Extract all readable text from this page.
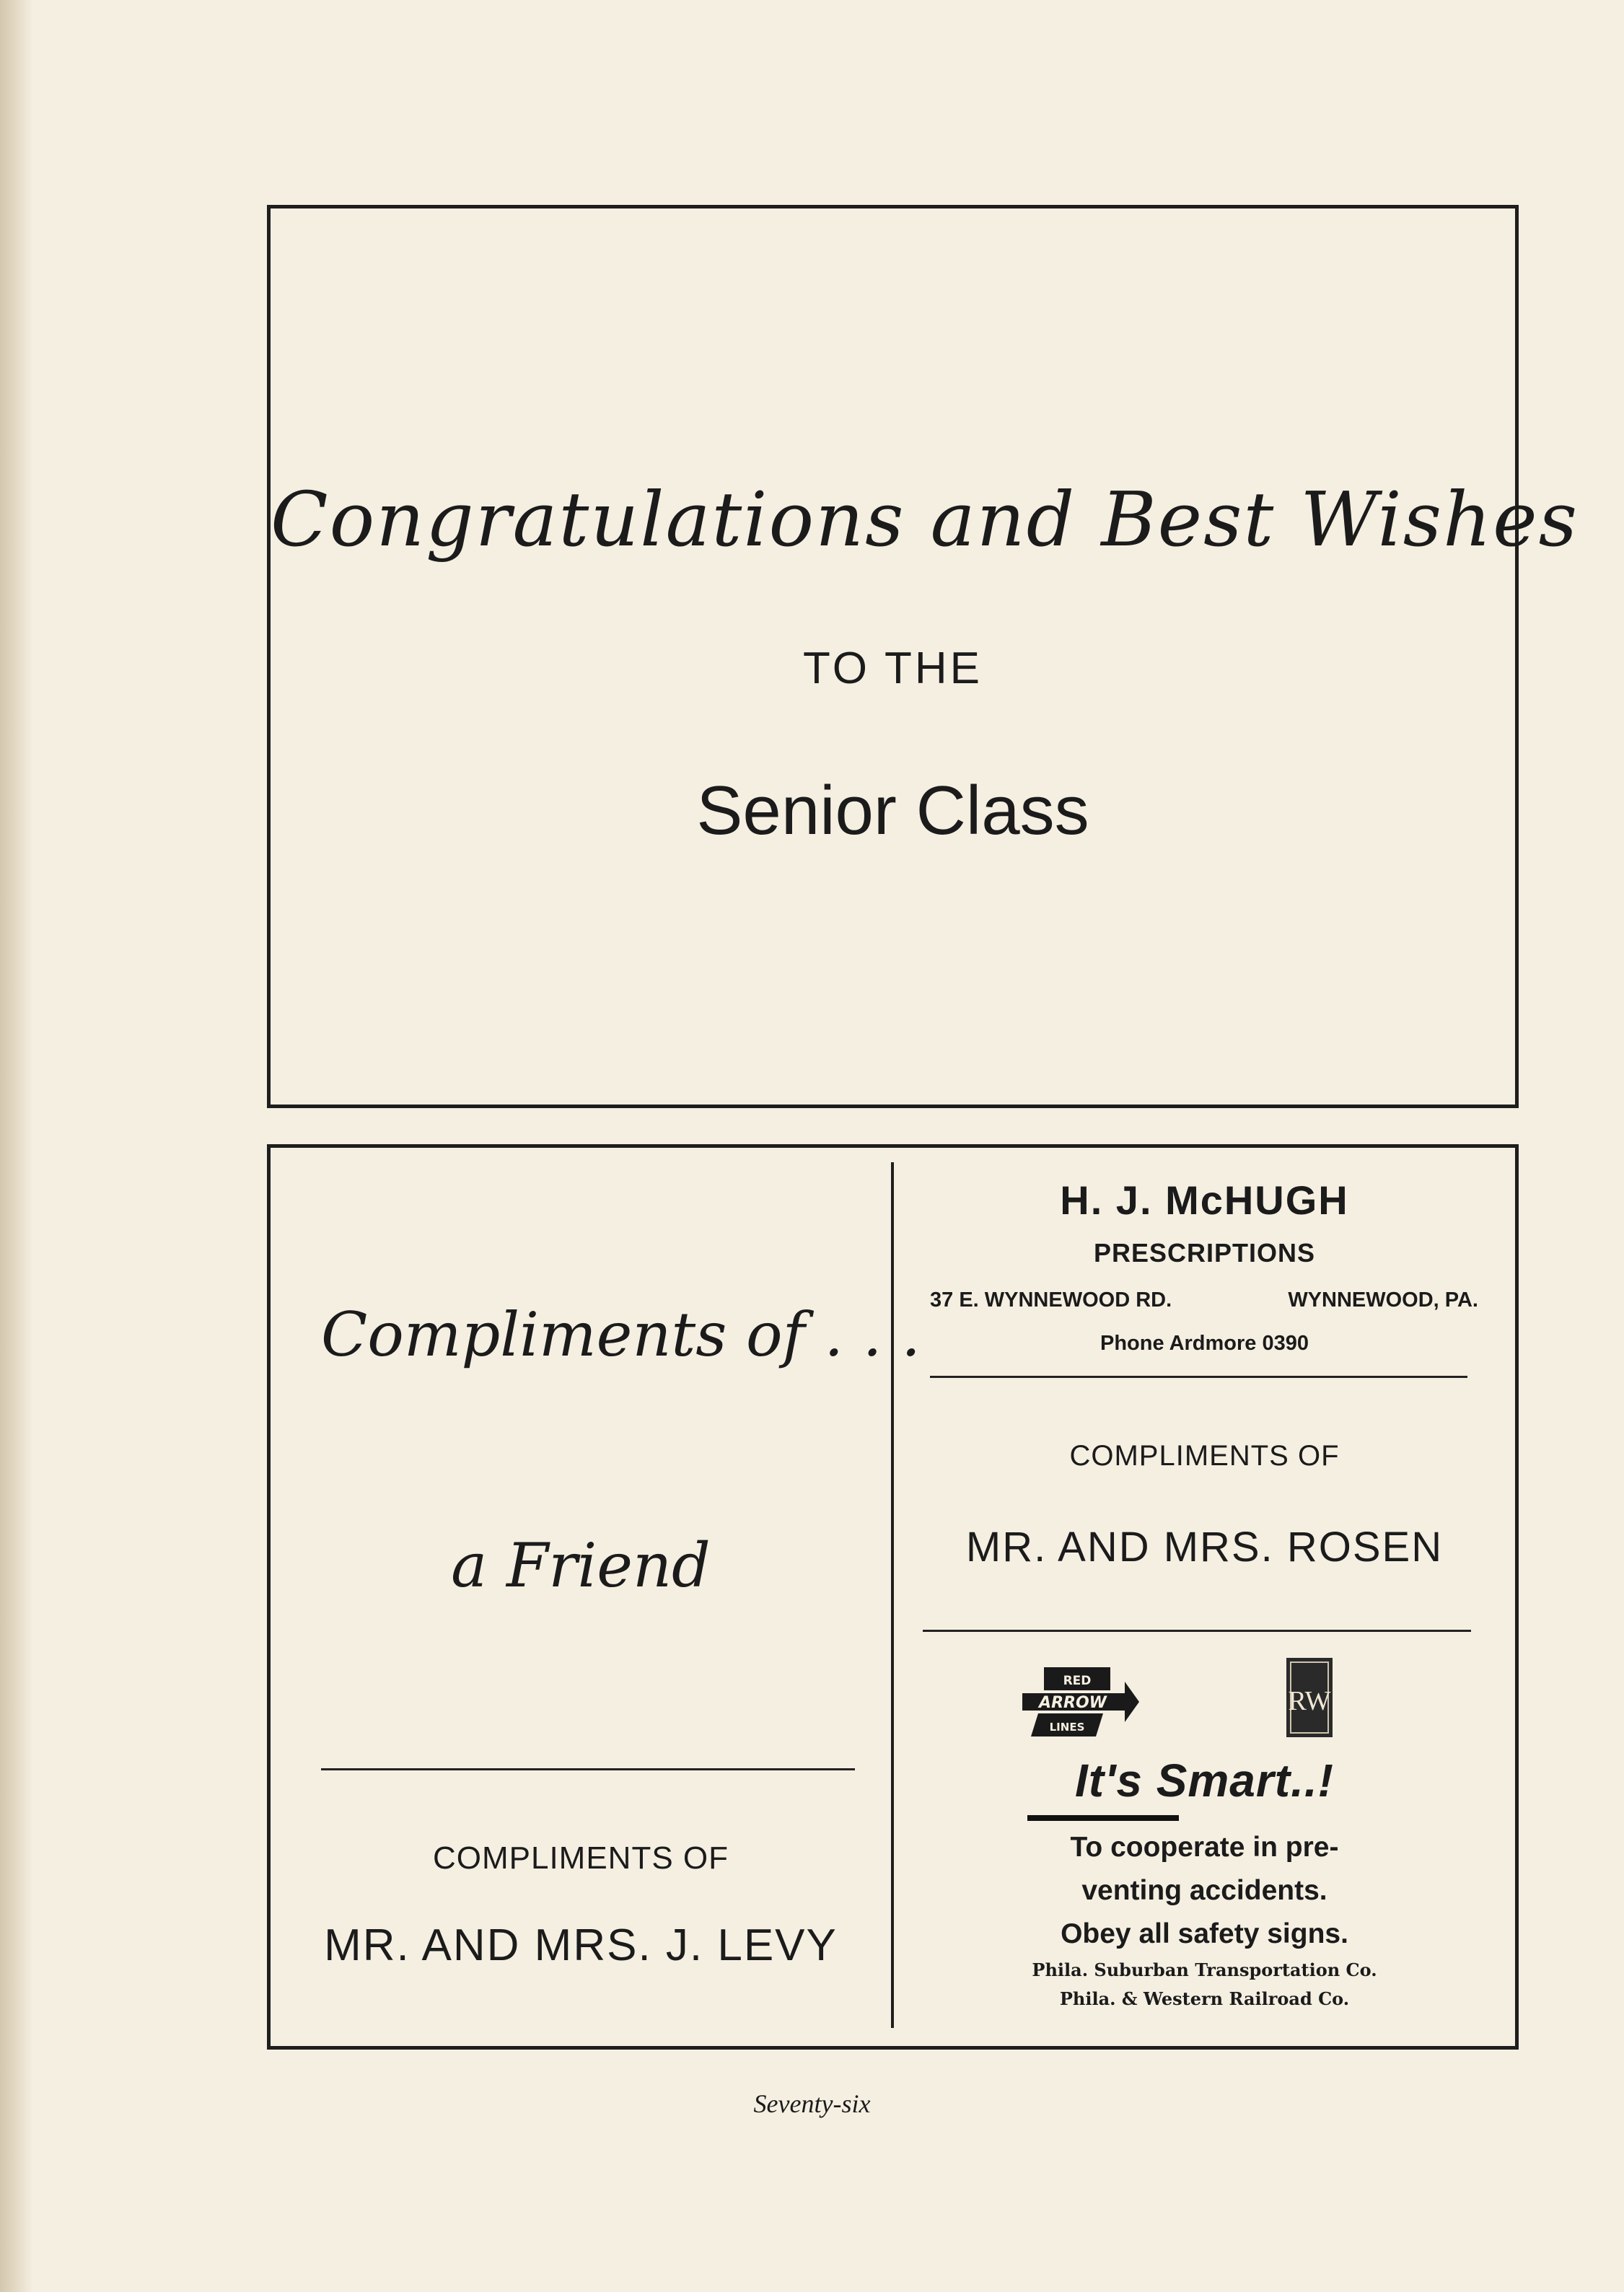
Congratulations and Best Wishes
TO THE
Senior Class
Compliments of . . .
a Friend
COMPLIMENTS OF
MR. AND MRS. J. LEVY
H. J. McHUGH
PRESCRIPTIONS
37 E. WYNNEWOOD RD.	WYNNEWOOD, PA.
Phone Ardmore 0390
COMPLIMENTS OF
MR. AND MRS. ROSEN
RED
ARROW
LINES
RW
It's Smart..!
To cooperate in pre-
venting accidents.
Obey all safety signs.
Phila. Suburban Transportation Co.
Phila. & Western Railroad Co.
Seventy-six
